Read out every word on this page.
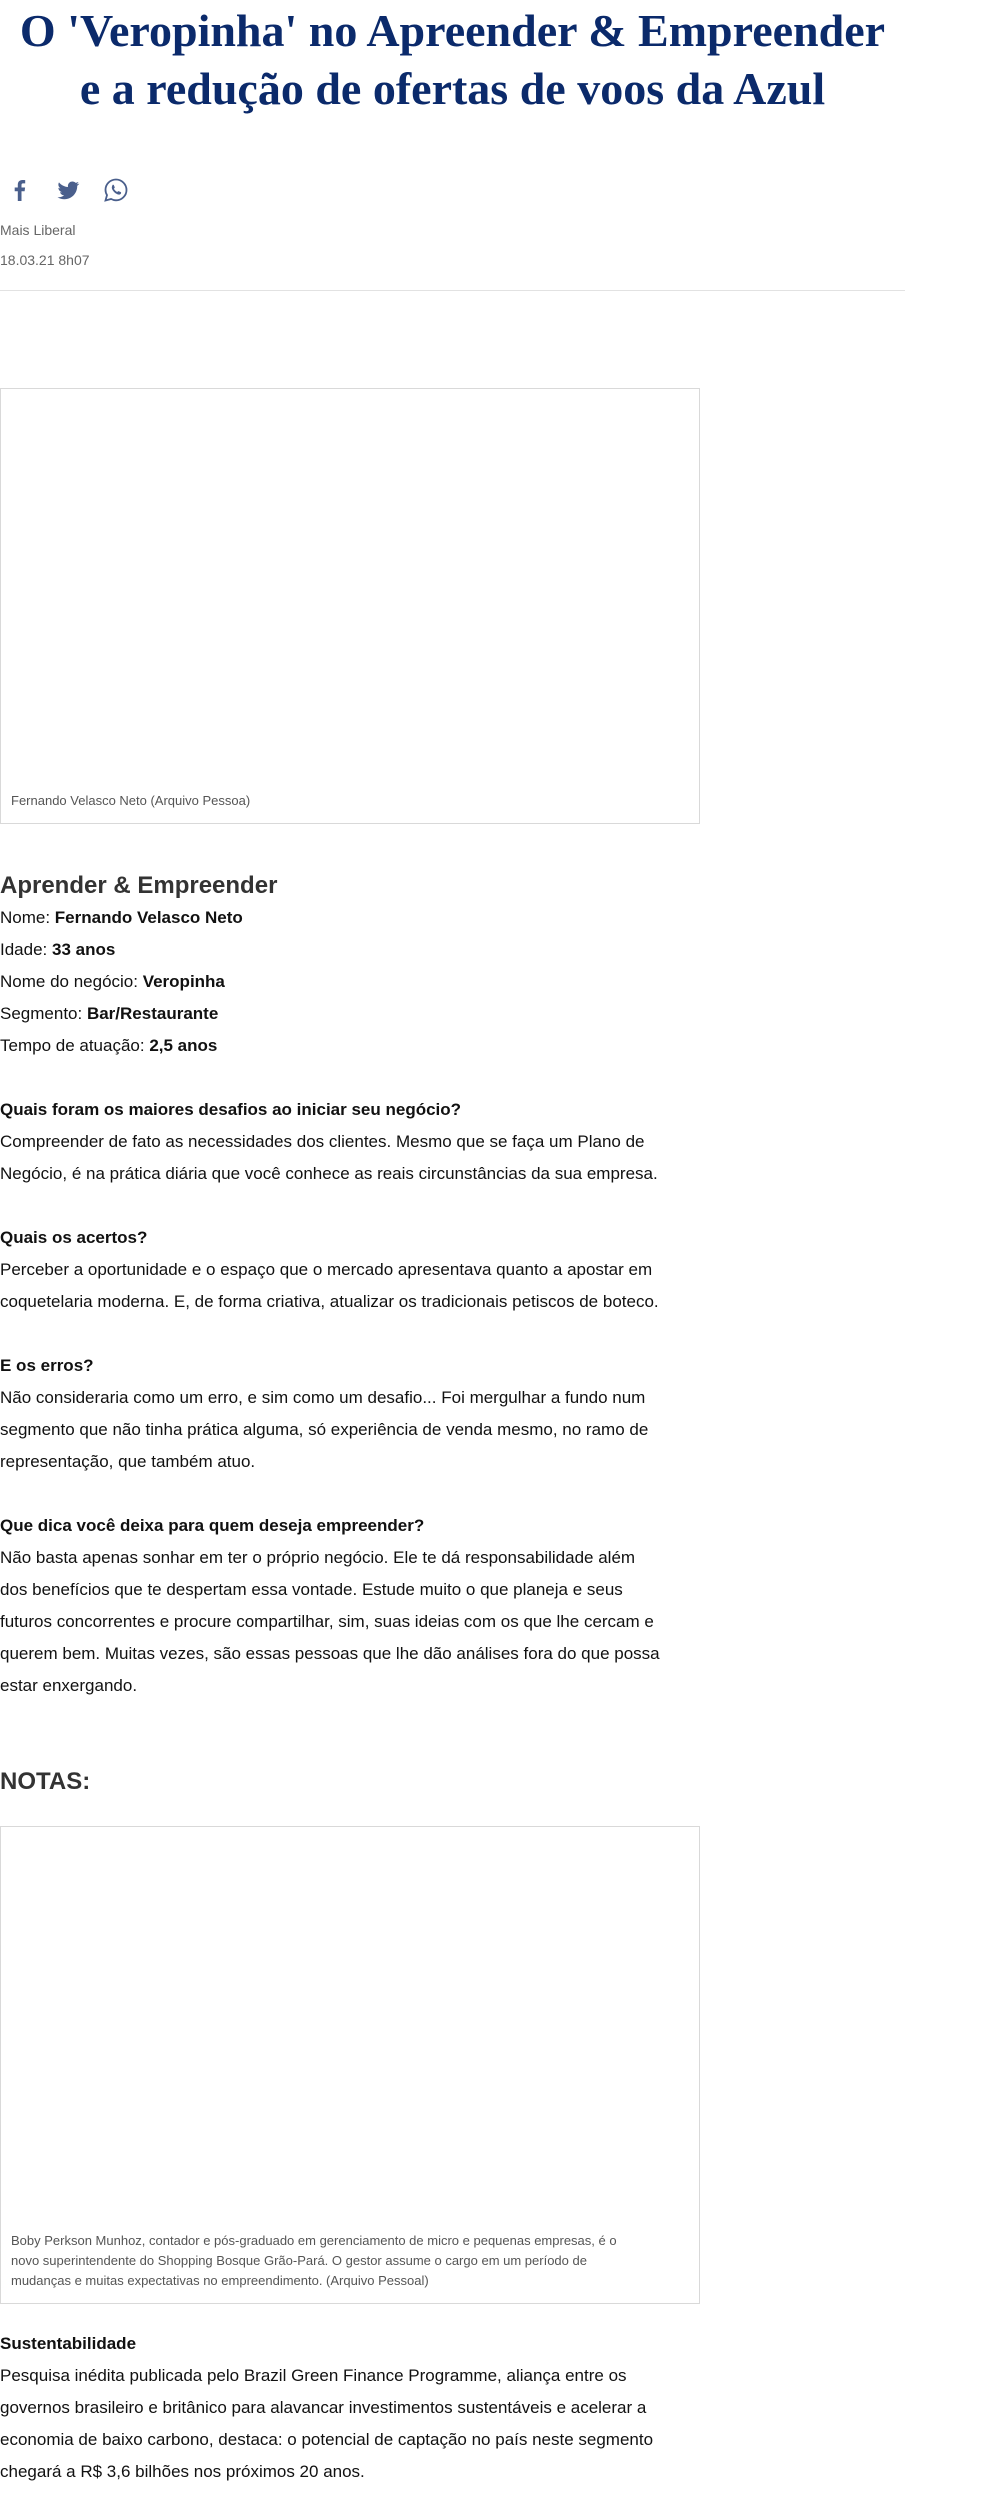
O 'Veropinha' no Apreender & Empreender
e a redução de ofertas de voos da Azul
Mais Liberal
18.03.21 8h07
Fernando Velasco Neto (Arquivo Pessoa)

Aprender & Empreender

Nome: Fernando Velasco Neto

Idade: 33 anos

Nome do negócio: Veropinha

Segmento: Bar/Restaurante

Tempo de atuação: 2,5 anos

Quais foram os maiores desafios ao iniciar seu negócio?

Compreender de fato as necessidades dos clientes. Mesmo que se faça um Plano de

Negócio, é na prática diária que você conhece as reais circunstâncias da sua empresa.

Quais os acertos?

Perceber a oportunidade e o espaço que o mercado apresentava quanto a apostar em

coquetelaria moderna. E, de forma criativa, atualizar os tradicionais petiscos de boteco.

E os erros?

Não consideraria como um erro, e sim como um desafio... Foi mergulhar a fundo num

segmento que não tinha prática alguma, só experiência de venda mesmo, no ramo de

representação, que também atuo.

Que dica você deixa para quem deseja empreender?

Não basta apenas sonhar em ter o próprio negócio. Ele te dá responsabilidade além

dos benefícios que te despertam essa vontade. Estude muito o que planeja e seus

futuros concorrentes e procure compartilhar, sim, suas ideias com os que lhe cercam e

querem bem. Muitas vezes, são essas pessoas que lhe dão análises fora do que possa

estar enxergando.

NOTAS:

Boby Perkson Munhoz, contador e pós-graduado em gerenciamento de micro e pequenas empresas, é o
novo superintendente do Shopping Bosque Grão-Pará. O gestor assume o cargo em um período de
mudanças e muitas expectativas no empreendimento. (Arquivo Pessoal)

Sustentabilidade

Pesquisa inédita publicada pelo Brazil Green Finance Programme, aliança entre os

governos brasileiro e britânico para alavancar investimentos sustentáveis e acelerar a

economia de baixo carbono, destaca: o potencial de captação no país neste segmento

chegará a R$ 3,6 bilhões nos próximos 20 anos.
